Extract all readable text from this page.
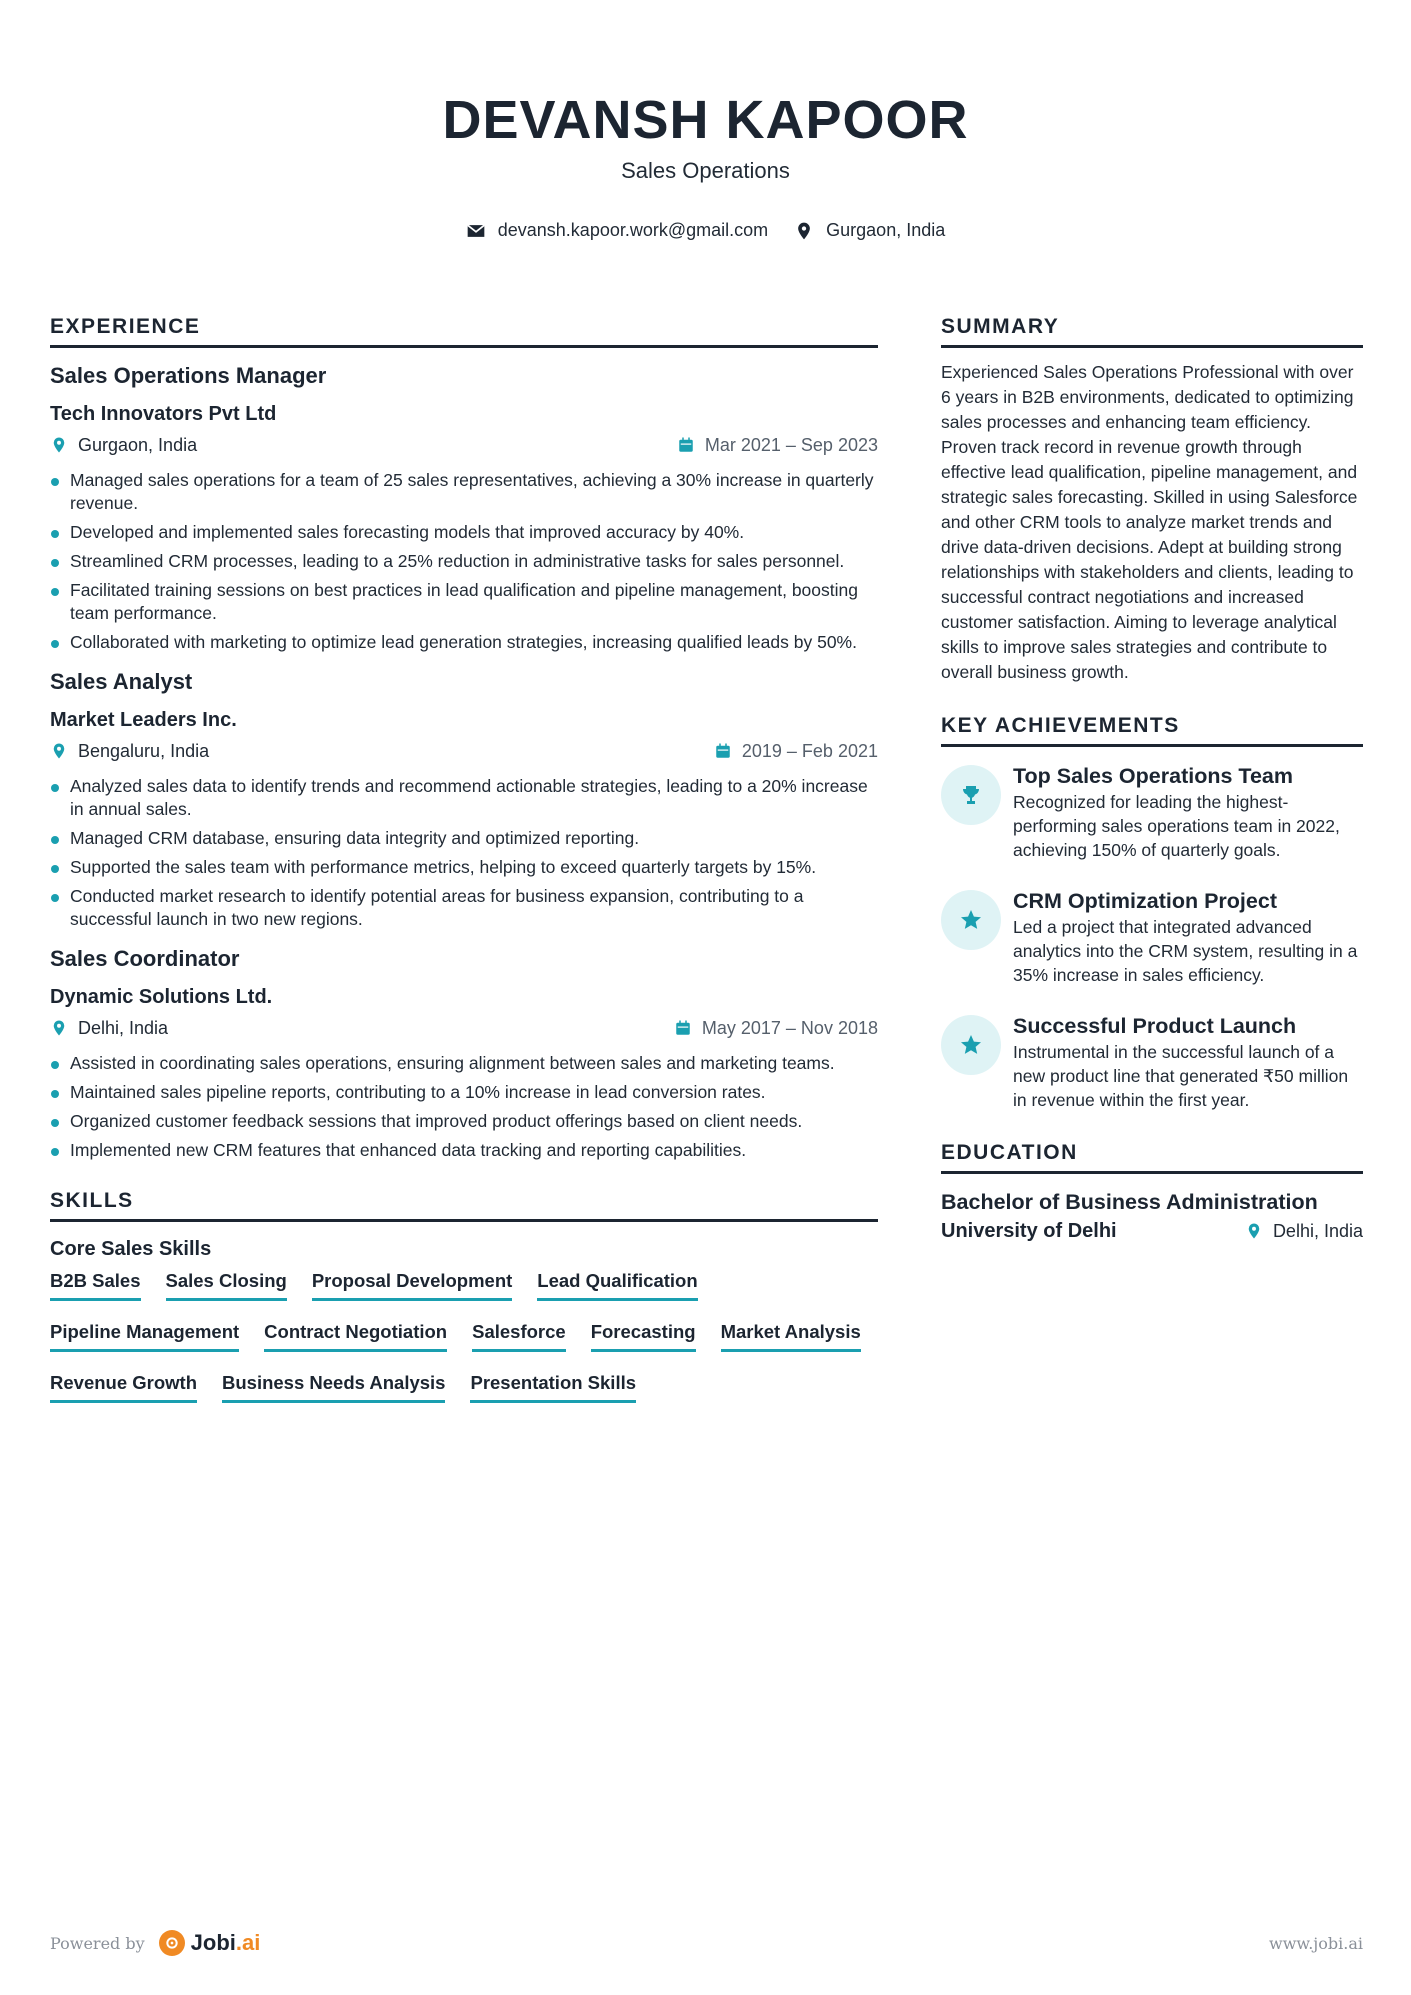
DEVANSH KAPOOR
Sales Operations
devansh.kapoor.work@gmail.com	Gurgaon, India
EXPERIENCE
Sales Operations Manager
Tech Innovators Pvt Ltd
Gurgaon, India	Mar 2021 – Sep 2023
Managed sales operations for a team of 25 sales representatives, achieving a 30% increase in quarterly revenue.
Developed and implemented sales forecasting models that improved accuracy by 40%.
Streamlined CRM processes, leading to a 25% reduction in administrative tasks for sales personnel.
Facilitated training sessions on best practices in lead qualification and pipeline management, boosting team performance.
Collaborated with marketing to optimize lead generation strategies, increasing qualified leads by 50%.
Sales Analyst
Market Leaders Inc.
Bengaluru, India	2019 – Feb 2021
Analyzed sales data to identify trends and recommend actionable strategies, leading to a 20% increase in annual sales.
Managed CRM database, ensuring data integrity and optimized reporting.
Supported the sales team with performance metrics, helping to exceed quarterly targets by 15%.
Conducted market research to identify potential areas for business expansion, contributing to a successful launch in two new regions.
Sales Coordinator
Dynamic Solutions Ltd.
Delhi, India	May 2017 – Nov 2018
Assisted in coordinating sales operations, ensuring alignment between sales and marketing teams.
Maintained sales pipeline reports, contributing to a 10% increase in lead conversion rates.
Organized customer feedback sessions that improved product offerings based on client needs.
Implemented new CRM features that enhanced data tracking and reporting capabilities.
SKILLS
Core Sales Skills
B2B Sales Sales Closing Proposal Development Lead Qualification
Pipeline Management Contract Negotiation Salesforce Forecasting Market Analysis
Revenue Growth Business Needs Analysis Presentation Skills
SUMMARY
Experienced Sales Operations Professional with over 6 years in B2B environments, dedicated to optimizing sales processes and enhancing team efficiency. Proven track record in revenue growth through effective lead qualification, pipeline management, and strategic sales forecasting. Skilled in using Salesforce and other CRM tools to analyze market trends and drive data-driven decisions. Adept at building strong relationships with stakeholders and clients, leading to successful contract negotiations and increased customer satisfaction. Aiming to leverage analytical skills to improve sales strategies and contribute to overall business growth.
KEY ACHIEVEMENTS
Top Sales Operations Team
Recognized for leading the highest-performing sales operations team in 2022, achieving 150% of quarterly goals.
CRM Optimization Project
Led a project that integrated advanced analytics into the CRM system, resulting in a 35% increase in sales efficiency.
Successful Product Launch
Instrumental in the successful launch of a new product line that generated ₹50 million in revenue within the first year.
EDUCATION
Bachelor of Business Administration
University of Delhi	Delhi, India
Powered by Jobi.ai	www.jobi.ai
